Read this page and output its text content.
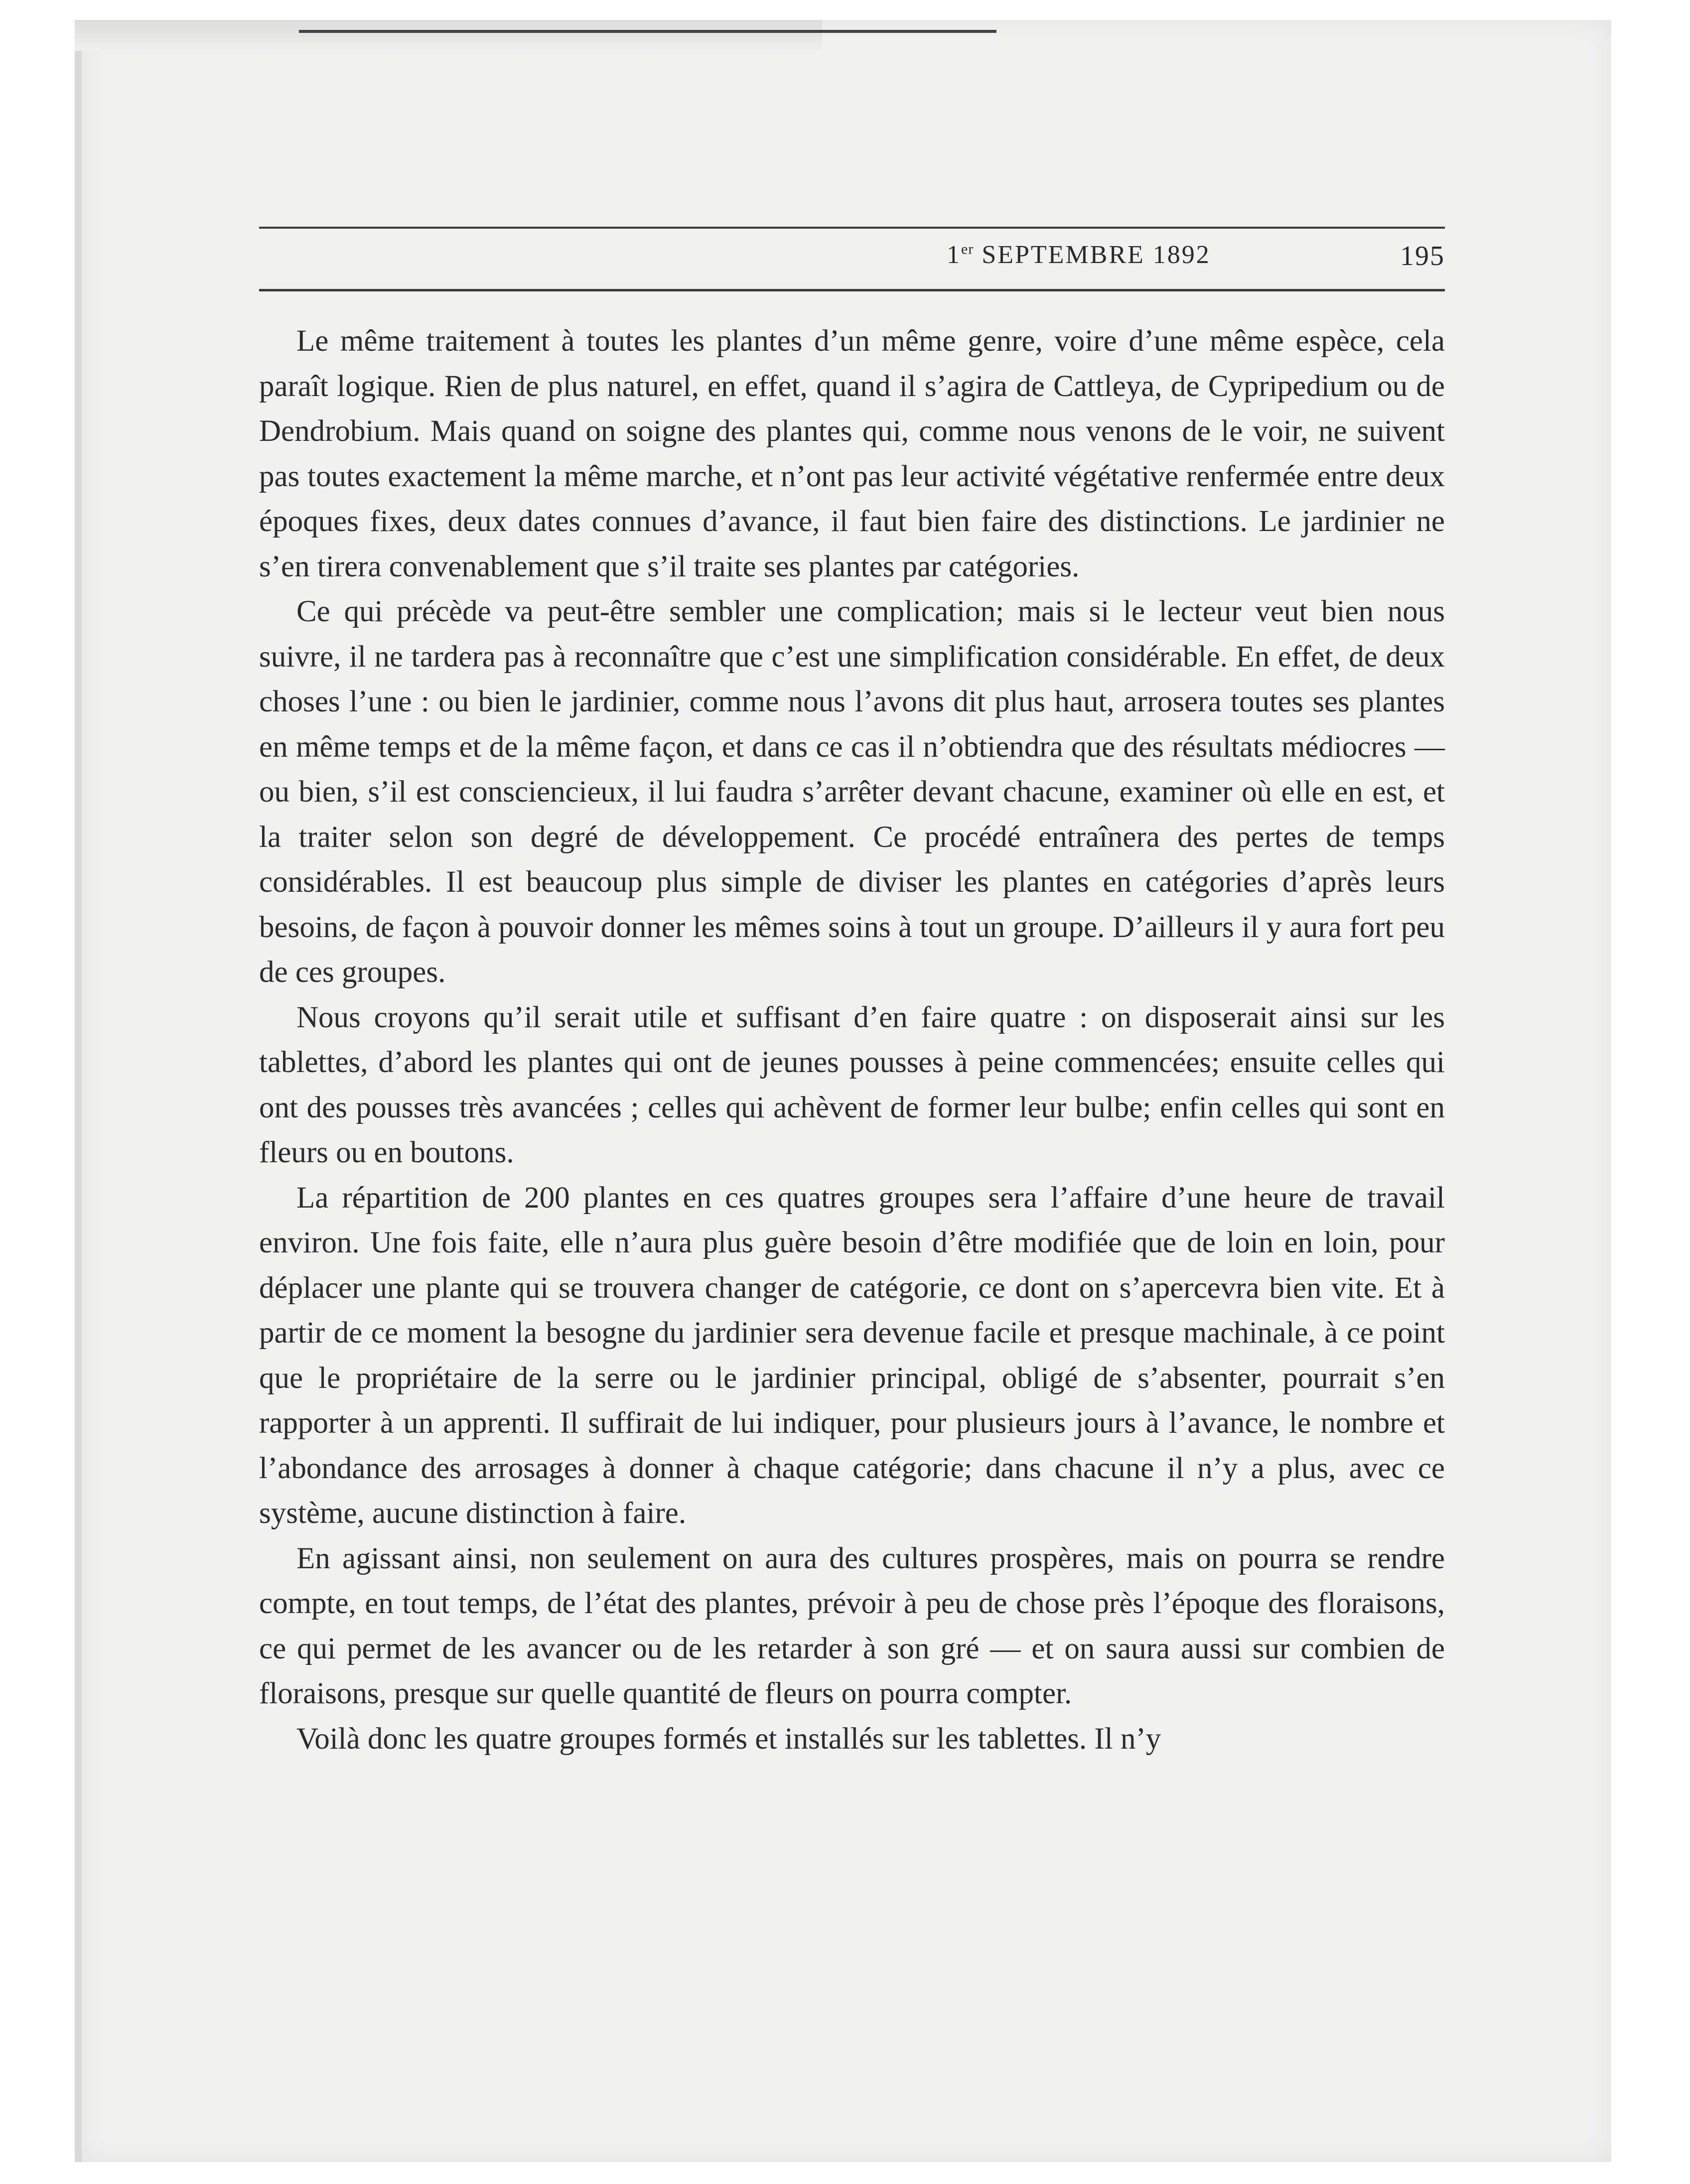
1er SEPTEMBRE 1892	195

Le même traitement à toutes les plantes d’un même genre, voire d’une même espèce, cela paraît logique. Rien de plus naturel, en effet, quand il s’agira de Cattleya, de Cypripedium ou de Dendrobium. Mais quand on soigne des plantes qui, comme nous venons de le voir, ne suivent pas toutes exactement la même marche, et n’ont pas leur activité végétative renfermée entre deux époques fixes, deux dates connues d’avance, il faut bien faire des distinctions. Le jardinier ne s’en tirera convenablement que s’il traite ses plantes par catégories.

Ce qui précède va peut-être sembler une complication; mais si le lecteur veut bien nous suivre, il ne tardera pas à reconnaître que c’est une simplification considérable. En effet, de deux choses l’une : ou bien le jardinier, comme nous l’avons dit plus haut, arrosera toutes ses plantes en même temps et de la même façon, et dans ce cas il n’obtiendra que des résultats médiocres — ou bien, s’il est consciencieux, il lui faudra s’arrêter devant chacune, examiner où elle en est, et la traiter selon son degré de développement. Ce procédé entraînera des pertes de temps considérables. Il est beaucoup plus simple de diviser les plantes en catégories d’après leurs besoins, de façon à pouvoir donner les mêmes soins à tout un groupe. D’ailleurs il y aura fort peu de ces groupes.

Nous croyons qu’il serait utile et suffisant d’en faire quatre : on disposerait ainsi sur les tablettes, d’abord les plantes qui ont de jeunes pousses à peine commencées; ensuite celles qui ont des pousses très avancées ; celles qui achèvent de former leur bulbe; enfin celles qui sont en fleurs ou en boutons.

La répartition de 200 plantes en ces quatres groupes sera l’affaire d’une heure de travail environ. Une fois faite, elle n’aura plus guère besoin d’être modifiée que de loin en loin, pour déplacer une plante qui se trouvera changer de catégorie, ce dont on s’apercevra bien vite. Et à partir de ce moment la besogne du jardinier sera devenue facile et presque machinale, à ce point que le propriétaire de la serre ou le jardinier principal, obligé de s’absenter, pourrait s’en rapporter à un apprenti. Il suffirait de lui indiquer, pour plusieurs jours à l’avance, le nombre et l’abondance des arrosages à donner à chaque catégorie; dans chacune il n’y a plus, avec ce système, aucune distinction à faire.

En agissant ainsi, non seulement on aura des cultures prospères, mais on pourra se rendre compte, en tout temps, de l’état des plantes, prévoir à peu de chose près l’époque des floraisons, ce qui permet de les avancer ou de les retarder à son gré — et on saura aussi sur combien de floraisons, presque sur quelle quantité de fleurs on pourra compter.

Voilà donc les quatre groupes formés et installés sur les tablettes. Il n’y
